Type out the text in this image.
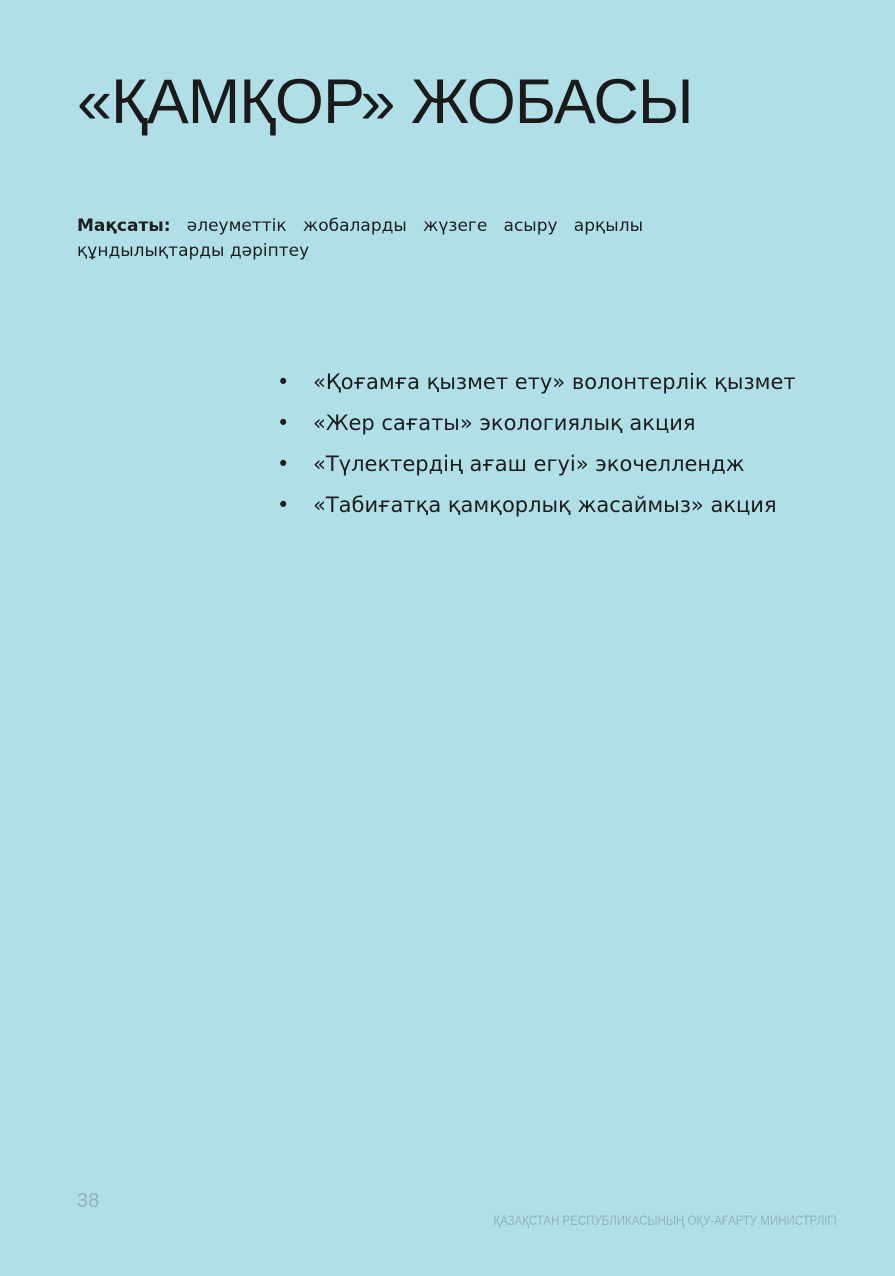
«ҚАМҚОР» ЖОБАСЫ

Мақсаты: әлеуметтік жобаларды жүзеге асыру арқылы құндылықтарды дәріптеу

• «Қоғамға қызмет ету» волонтерлік қызмет
• «Жер сағаты» экологиялық акция
• «Түлектердің ағаш егуі» экочеллендж
• «Табиғатқа қамқорлық жасаймыз» акция
38
ҚАЗАҚСТАН РЕСПУБЛИКАСЫНЫҢ ОҚУ-АҒАРТУ МИНИСТРЛІГІ
